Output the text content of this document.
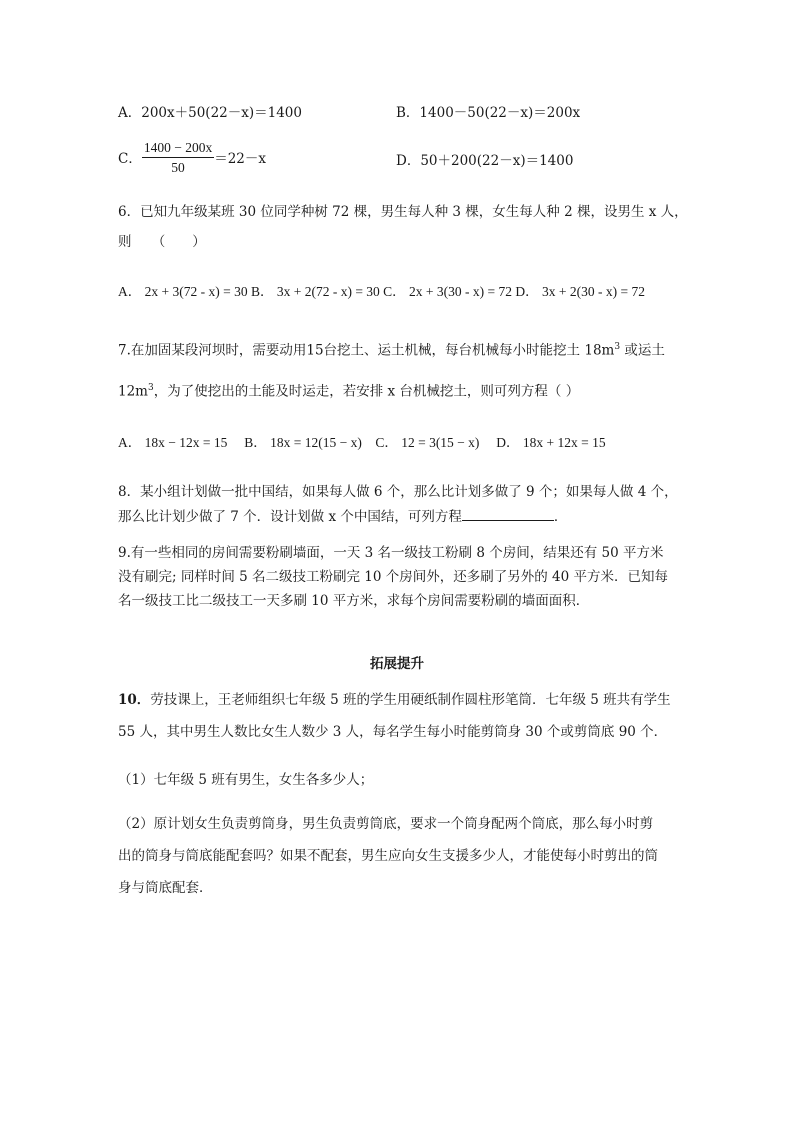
A．200x＋50(22－x)＝1400	B．1400－50(22－x)＝200x
C． $\frac{1400 - 200x}{50} =22-x$	D．50＋200(22－x)＝1400
6．已知九年级某班 30 位同学种树 72 棵，男生每人种 3 棵，女生每人种 2 棵，设男生 x 人，
则　　（　　）
A． 2x + 3(72 - x) = 30 B． 3x + 2(72 - x) = 30 C． 2x + 3(30 - x) = 72 D． 3x + 2(30 - x) = 72
7.在加固某段河坝时，需要动用15台挖土、运土机械，每台机械每小时能挖土 $18m^3$ 或运土
$12m^3$，为了使挖出的土能及时运走，若安排 x 台机械挖土，则可列方程（ ）
A． 18x − 12x = 15　 B． 18x = 12(15 − x)　C． 12 = 3(15 − x)　 D． 18x + 12x = 15
8．某小组计划做一批中国结，如果每人做 6 个，那么比计划多做了 9 个；如果每人做 4 个，
那么比计划少做了 7 个．设计划做 x 个中国结，可列方程	．
9.有一些相同的房间需要粉刷墙面，一天 3 名一级技工粉刷 8 个房间，结果还有 50 平方米
没有刷完; 同样时间 5 名二级技工粉刷完 10 个房间外，还多刷了另外的 40 平方米．已知每
名一级技工比二级技工一天多刷 10 平方米，求每个房间需要粉刷的墙面面积．
拓展提升
10．劳技课上，王老师组织七年级 5 班的学生用硬纸制作圆柱形笔筒．七年级 5 班共有学生
55 人，其中男生人数比女生人数少 3 人，每名学生每小时能剪筒身 30 个或剪筒底 90 个．
（1）七年级 5 班有男生，女生各多少人；
（2）原计划女生负责剪筒身，男生负责剪筒底，要求一个筒身配两个筒底，那么每小时剪
出的筒身与筒底能配套吗？如果不配套，男生应向女生支援多少人，才能使每小时剪出的筒
身与筒底配套．
